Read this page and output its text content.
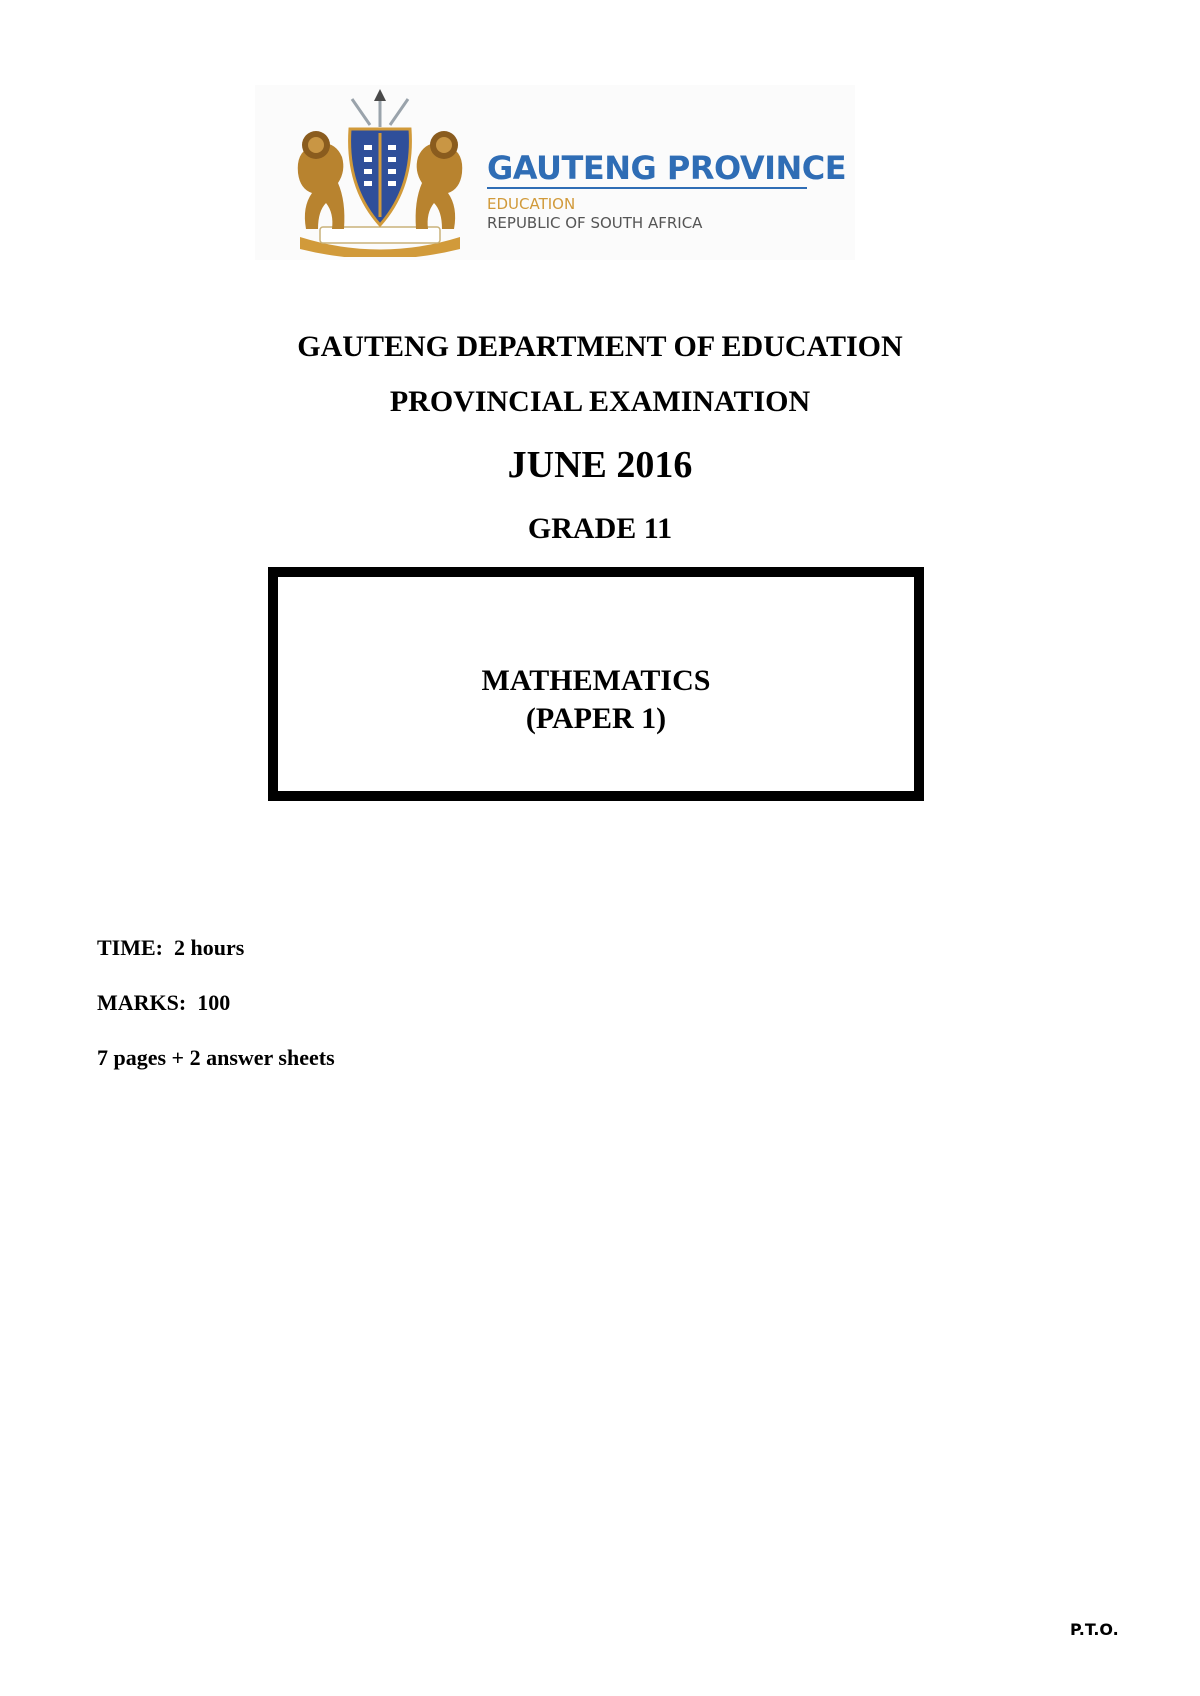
GAUTENG PROVINCE
EDUCATION
REPUBLIC OF SOUTH AFRICA
GAUTENG DEPARTMENT OF EDUCATION
PROVINCIAL EXAMINATION
JUNE 2016
GRADE 11
MATHEMATICS
(PAPER 1)
TIME:  2 hours
MARKS:  100
7 pages + 2 answer sheets
P.T.O.
